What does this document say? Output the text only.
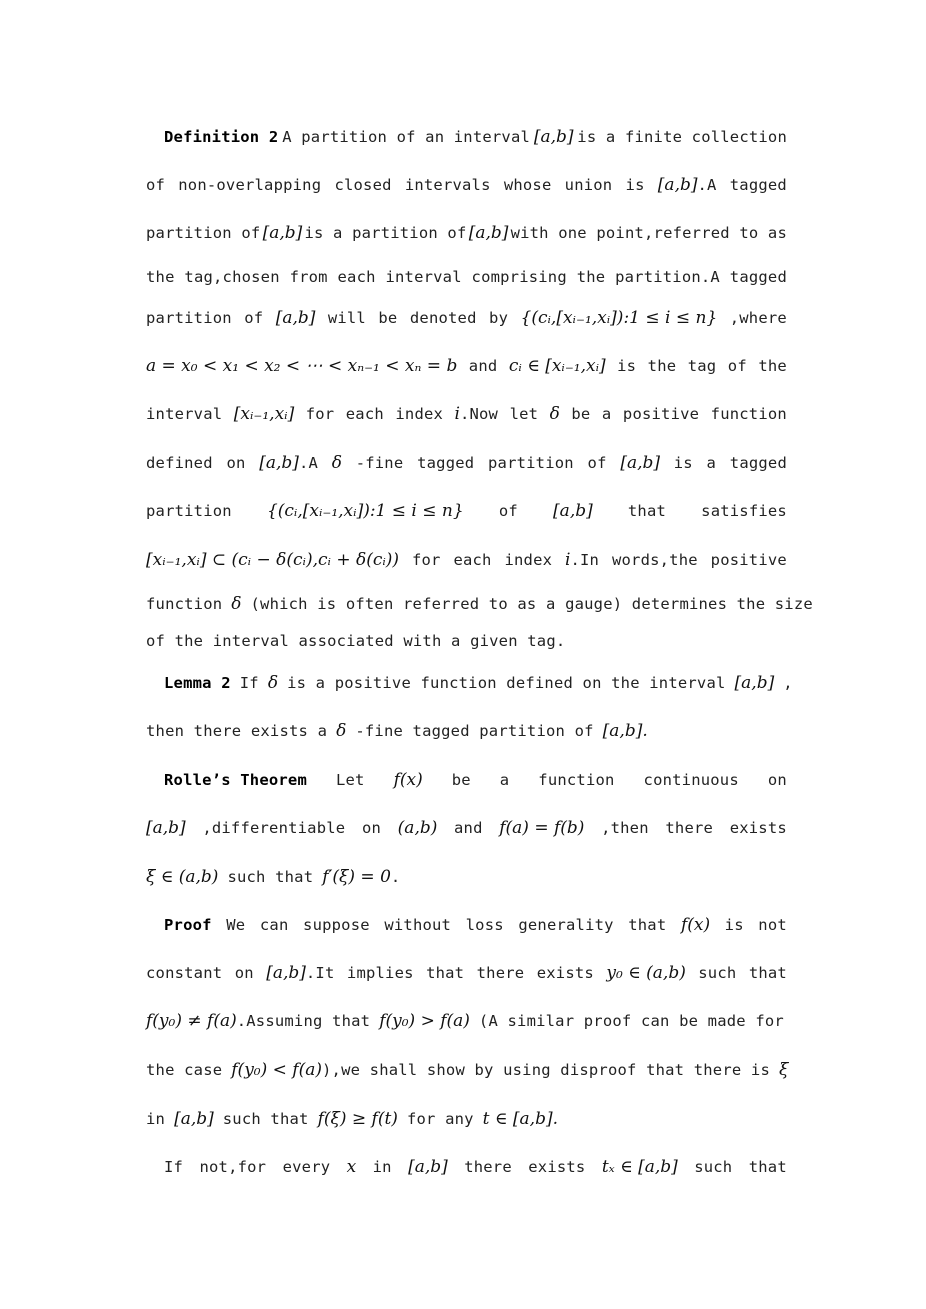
Definition 2 A partition of an interval [a,b] is a finite collection
of non-overlapping closed intervals whose union is [a,b].A tagged
partition of [a,b] is a partition of [a,b] with one point,referred to as
the tag,chosen from each interval comprising the partition.A tagged
partition of [a,b] will be denoted by {(cᵢ,[xᵢ₋₁,xᵢ]):1 ≤ i ≤ n} ,where
a = x₀ < x₁ < x₂ < ⋯ < xₙ₋₁ < xₙ = b and cᵢ ∈ [xᵢ₋₁,xᵢ] is the tag of the
interval [xᵢ₋₁,xᵢ] for each index i.Now let δ be a positive function
defined on [a,b].A δ -fine tagged partition of [a,b] is a tagged
partition {(cᵢ,[xᵢ₋₁,xᵢ]):1 ≤ i ≤ n} of [a,b] that satisfies
[xᵢ₋₁,xᵢ] ⊂ (cᵢ − δ(cᵢ),cᵢ + δ(cᵢ)) for each index i.In words,the positive
function δ (which is often referred to as a gauge) determines the size
of the interval associated with a given tag.
Lemma 2 If δ is a positive function defined on the interval [a,b] ,
then there exists a δ -fine tagged partition of [a,b].
Rolle’s Theorem Let f(x) be a function continuous on
[a,b] ,differentiable on (a,b) and f(a) = f(b) ,then there exists
ξ ∈ (a,b) such that f′(ξ) = 0.
Proof We can suppose without loss generality that f(x) is not
constant on [a,b].It implies that there exists y₀ ∈ (a,b) such that
f(y₀) ≠ f(a).Assuming that f(y₀) > f(a) (A similar proof can be made for
the case f(y₀) < f(a)),we shall show by using disproof that there is ξ
in [a,b] such that f(ξ) ≥ f(t) for any t ∈ [a,b].
If not,for every x in [a,b] there exists tₓ ∈ [a,b] such that
